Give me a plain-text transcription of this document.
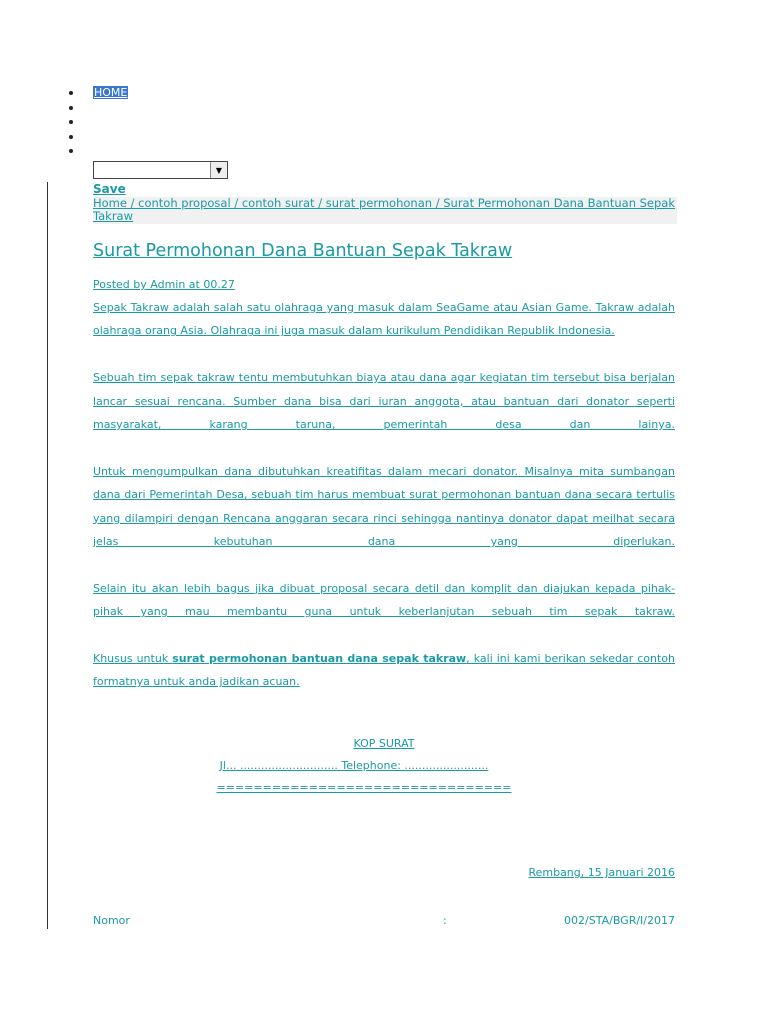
HOME
▼
Save
Home / contoh proposal / contoh surat / surat permohonan / Surat Permohonan Dana Bantuan Sepak Takraw
Surat Permohonan Dana Bantuan Sepak Takraw
Posted by Admin at 00.27

Sepak Takraw adalah salah satu olahraga yang masuk dalam SeaGame atau Asian Game. Takraw adalah olahraga orang Asia. Olahraga ini juga masuk dalam kurikulum Pendidikan Republik Indonesia.

Sebuah tim sepak takraw tentu membutuhkan biaya atau dana agar kegiatan tim tersebut bisa berjalan lancar sesuai rencana. Sumber dana bisa dari iuran anggota, atau bantuan dari donator seperti masyarakat, karang taruna, pemerintah desa dan lainya.

Untuk mengumpulkan dana dibutuhkan kreatifitas dalam mecari donator. Misalnya mita sumbangan dana dari Pemerintah Desa, sebuah tim harus membuat surat permohonan bantuan dana secara tertulis yang dilampiri dengan Rencana anggaran secara rinci sehingga nantinya donator dapat meilhat secara jelas kebutuhan dana yang diperlukan.

Selain itu akan lebih bagus jika dibuat proposal secara detil dan komplit dan diajukan kepada pihak-pihak yang mau membantu guna untuk keberlanjutan sebuah tim sepak takraw.

Khusus untuk surat permohonan bantuan dana sepak takraw, kali ini kami berikan sekedar contoh formatnya untuk anda jadikan acuan.

KOP SURAT
Jl... ............................ Telephone: ........................
================================
Rembang, 15 Januari 2016
Nomor	:	002/STA/BGR/I/2017
